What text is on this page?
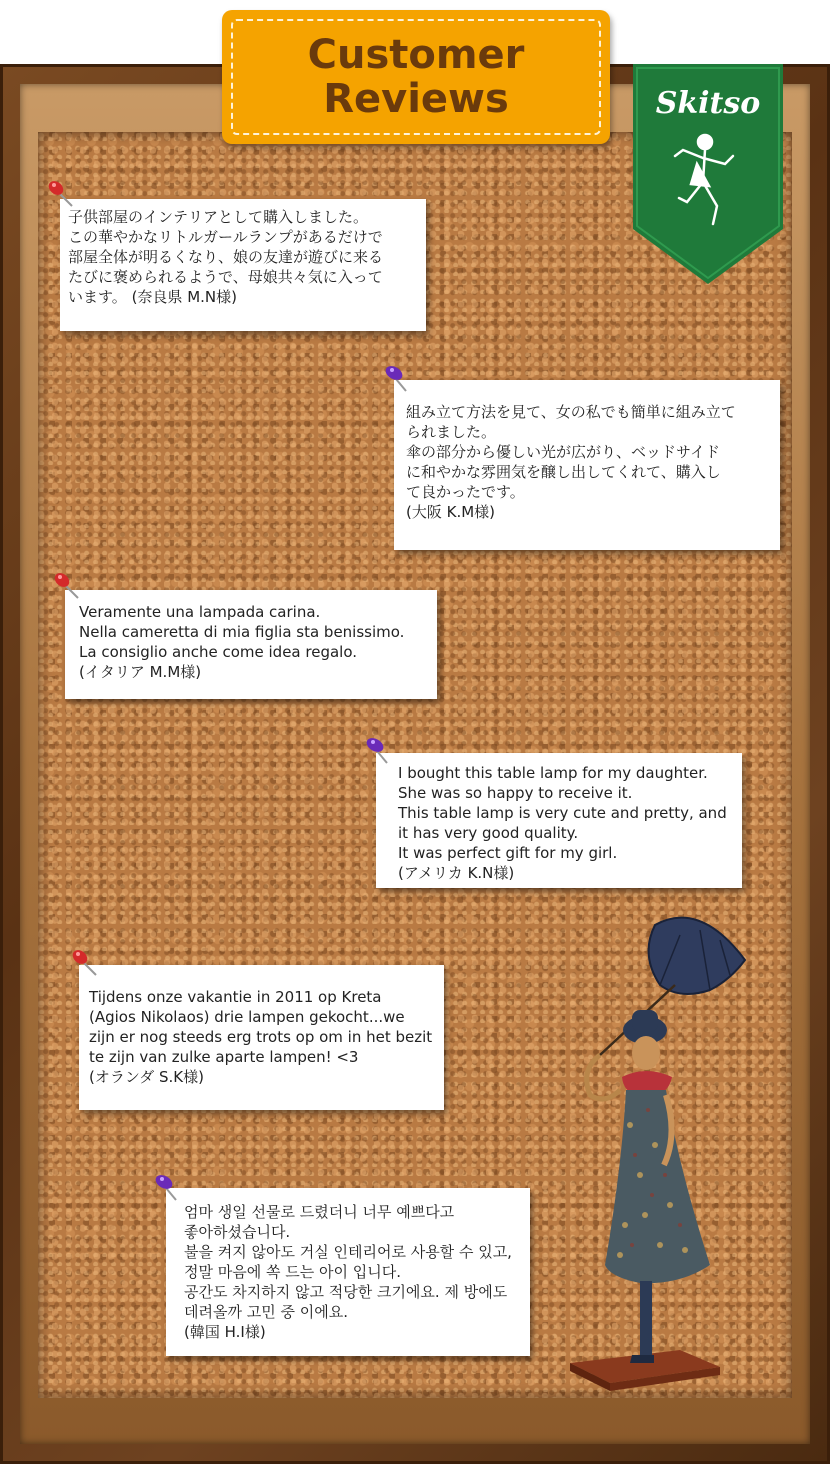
Customer
Reviews	Skitso

子供部屋のインテリアとして購入しました。
この華やかなリトルガールランプがあるだけで
部屋全体が明るくなり、娘の友達が遊びに来る
たびに褒められるようで、母娘共々気に入って
います。 (奈良県 M.N様)

組み立て方法を見て、女の私でも簡単に組み立て
られました。
傘の部分から優しい光が広がり、ベッドサイド
に和やかな雰囲気を醸し出してくれて、購入し
て良かったです。
(大阪 K.M様)

Veramente una lampada carina.
Nella cameretta di mia figlia sta benissimo.
La consiglio anche come idea regalo.
(イタリア M.M様)

I bought this table lamp for my daughter.
She was so happy to receive it.
This table lamp is very cute and pretty, and
it has very good quality.
It was perfect gift for my girl.
(アメリカ K.N様)

Tijdens onze vakantie in 2011 op Kreta
(Agios Nikolaos) drie lampen gekocht...we
zijn er nog steeds erg trots op om in het bezit
te zijn van zulke aparte lampen! <3
(オランダ S.K様)

엄마 생일 선물로 드렸더니 너무 예쁘다고
좋아하셨습니다.
불을 켜지 않아도 거실 인테리어로 사용할 수 있고,
정말 마음에 쏙 드는 아이 입니다.
공간도 차지하지 않고 적당한 크기에요. 제 방에도
데려올까 고민 중 이에요.
(韓国 H.I様)
